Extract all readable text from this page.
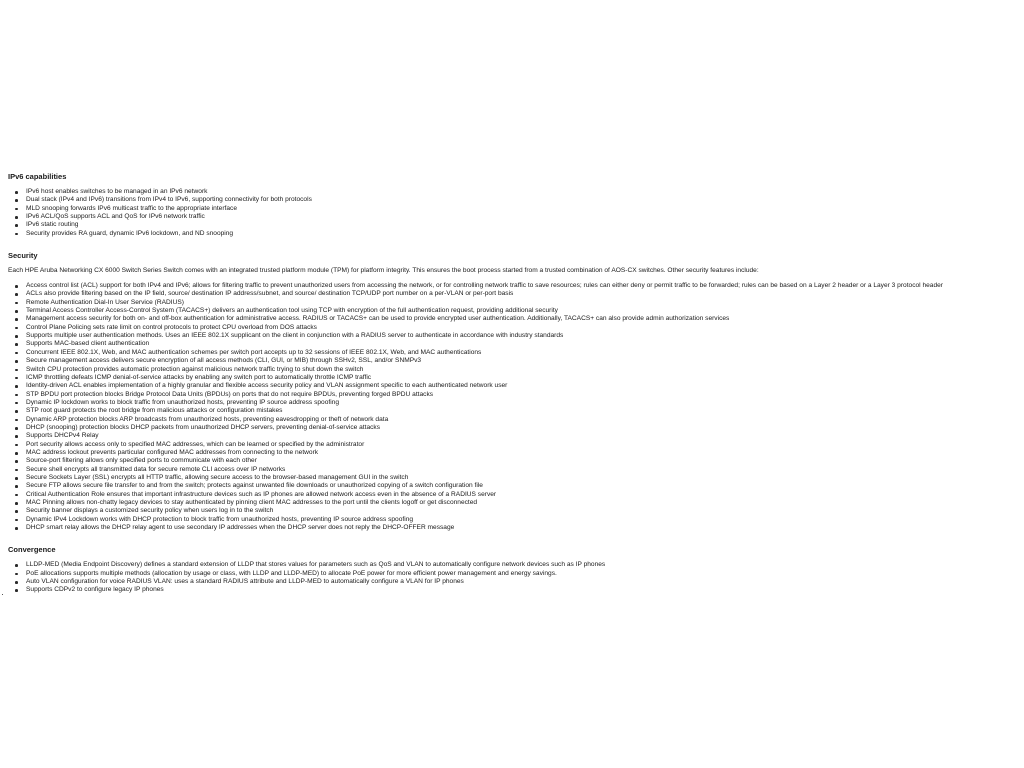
IPv6 capabilities
IPv6 host enables switches to be managed in an IPv6 network
Dual stack (IPv4 and IPv6) transitions from IPv4 to IPv6, supporting connectivity for both protocols
MLD snooping forwards IPv6 multicast traffic to the appropriate interface
IPv6 ACL/QoS supports ACL and QoS for IPv6 network traffic
IPv6 static routing
Security provides RA guard, dynamic IPv6 lockdown, and ND snooping
Security

Each HPE Aruba Networking CX 6000 Switch Series Switch comes with an integrated trusted platform module (TPM) for platform integrity. This ensures the boot process started from a trusted combination of AOS-CX switches. Other security features include:

Access control list (ACL) support for both IPv4 and IPv6; allows for filtering traffic to prevent unauthorized users from accessing the network, or for controlling network traffic to save resources; rules can either deny or permit traffic to be forwarded; rules can be based on a Layer 2 header or a Layer 3 protocol header
ACLs also provide filtering based on the IP field, source/ destination IP address/subnet, and source/ destination TCP/UDP port number on a per-VLAN or per-port basis
Remote Authentication Dial-In User Service (RADIUS)
Terminal Access Controller Access-Control System (TACACS+) delivers an authentication tool using TCP with encryption of the full authentication request, providing additional security
Management access security for both on- and off-box authentication for administrative access. RADIUS or TACACS+ can be used to provide encrypted user authentication. Additionally, TACACS+ can also provide admin authorization services
Control Plane Policing sets rate limit on control protocols to protect CPU overload from DOS attacks
Supports multiple user authentication methods. Uses an IEEE 802.1X supplicant on the client in conjunction with a RADIUS server to authenticate in accordance with industry standards
Supports MAC-based client authentication
Concurrent IEEE 802.1X, Web, and MAC authentication schemes per switch port accepts up to 32 sessions of IEEE 802.1X, Web, and MAC authentications
Secure management access delivers secure encryption of all access methods (CLI, GUI, or MIB) through SSHv2, SSL, and/or SNMPv3
Switch CPU protection provides automatic protection against malicious network traffic trying to shut down the switch
ICMP throttling defeats ICMP denial-of-service attacks by enabling any switch port to automatically throttle ICMP traffic
Identity-driven ACL enables implementation of a highly granular and flexible access security policy and VLAN assignment specific to each authenticated network user
STP BPDU port protection blocks Bridge Protocol Data Units (BPDUs) on ports that do not require BPDUs, preventing forged BPDU attacks
Dynamic IP lockdown works to block traffic from unauthorized hosts, preventing IP source address spoofing
STP root guard protects the root bridge from malicious attacks or configuration mistakes
Dynamic ARP protection blocks ARP broadcasts from unauthorized hosts, preventing eavesdropping or theft of network data
DHCP (snooping) protection blocks DHCP packets from unauthorized DHCP servers, preventing denial-of-service attacks
Supports DHCPv4 Relay
Port security allows access only to specified MAC addresses, which can be learned or specified by the administrator
MAC address lockout prevents particular configured MAC addresses from connecting to the network
Source-port filtering allows only specified ports to communicate with each other
Secure shell encrypts all transmitted data for secure remote CLI access over IP networks
Secure Sockets Layer (SSL) encrypts all HTTP traffic, allowing secure access to the browser-based management GUI in the switch
Secure FTP allows secure file transfer to and from the switch; protects against unwanted file downloads or unauthorized copying of a switch configuration file
Critical Authentication Role ensures that important infrastructure devices such as IP phones are allowed network access even in the absence of a RADIUS server
MAC Pinning allows non-chatty legacy devices to stay authenticated by pinning client MAC addresses to the port until the clients logoff or get disconnected
Security banner displays a customized security policy when users log in to the switch
Dynamic IPv4 Lockdown works with DHCP protection to block traffic from unauthorized hosts, preventing IP source address spoofing
DHCP smart relay allows the DHCP relay agent to use secondary IP addresses when the DHCP server does not reply the DHCP-OFFER message
Convergence
LLDP-MED (Media Endpoint Discovery) defines a standard extension of LLDP that stores values for parameters such as QoS and VLAN to automatically configure network devices such as IP phones
PoE allocations supports multiple methods (allocation by usage or class, with LLDP and LLDP-MED) to allocate PoE power for more efficient power management and energy savings.
Auto VLAN configuration for voice RADIUS VLAN: uses a standard RADIUS attribute and LLDP-MED to automatically configure a VLAN for IP phones
Supports CDPv2 to configure legacy IP phones
